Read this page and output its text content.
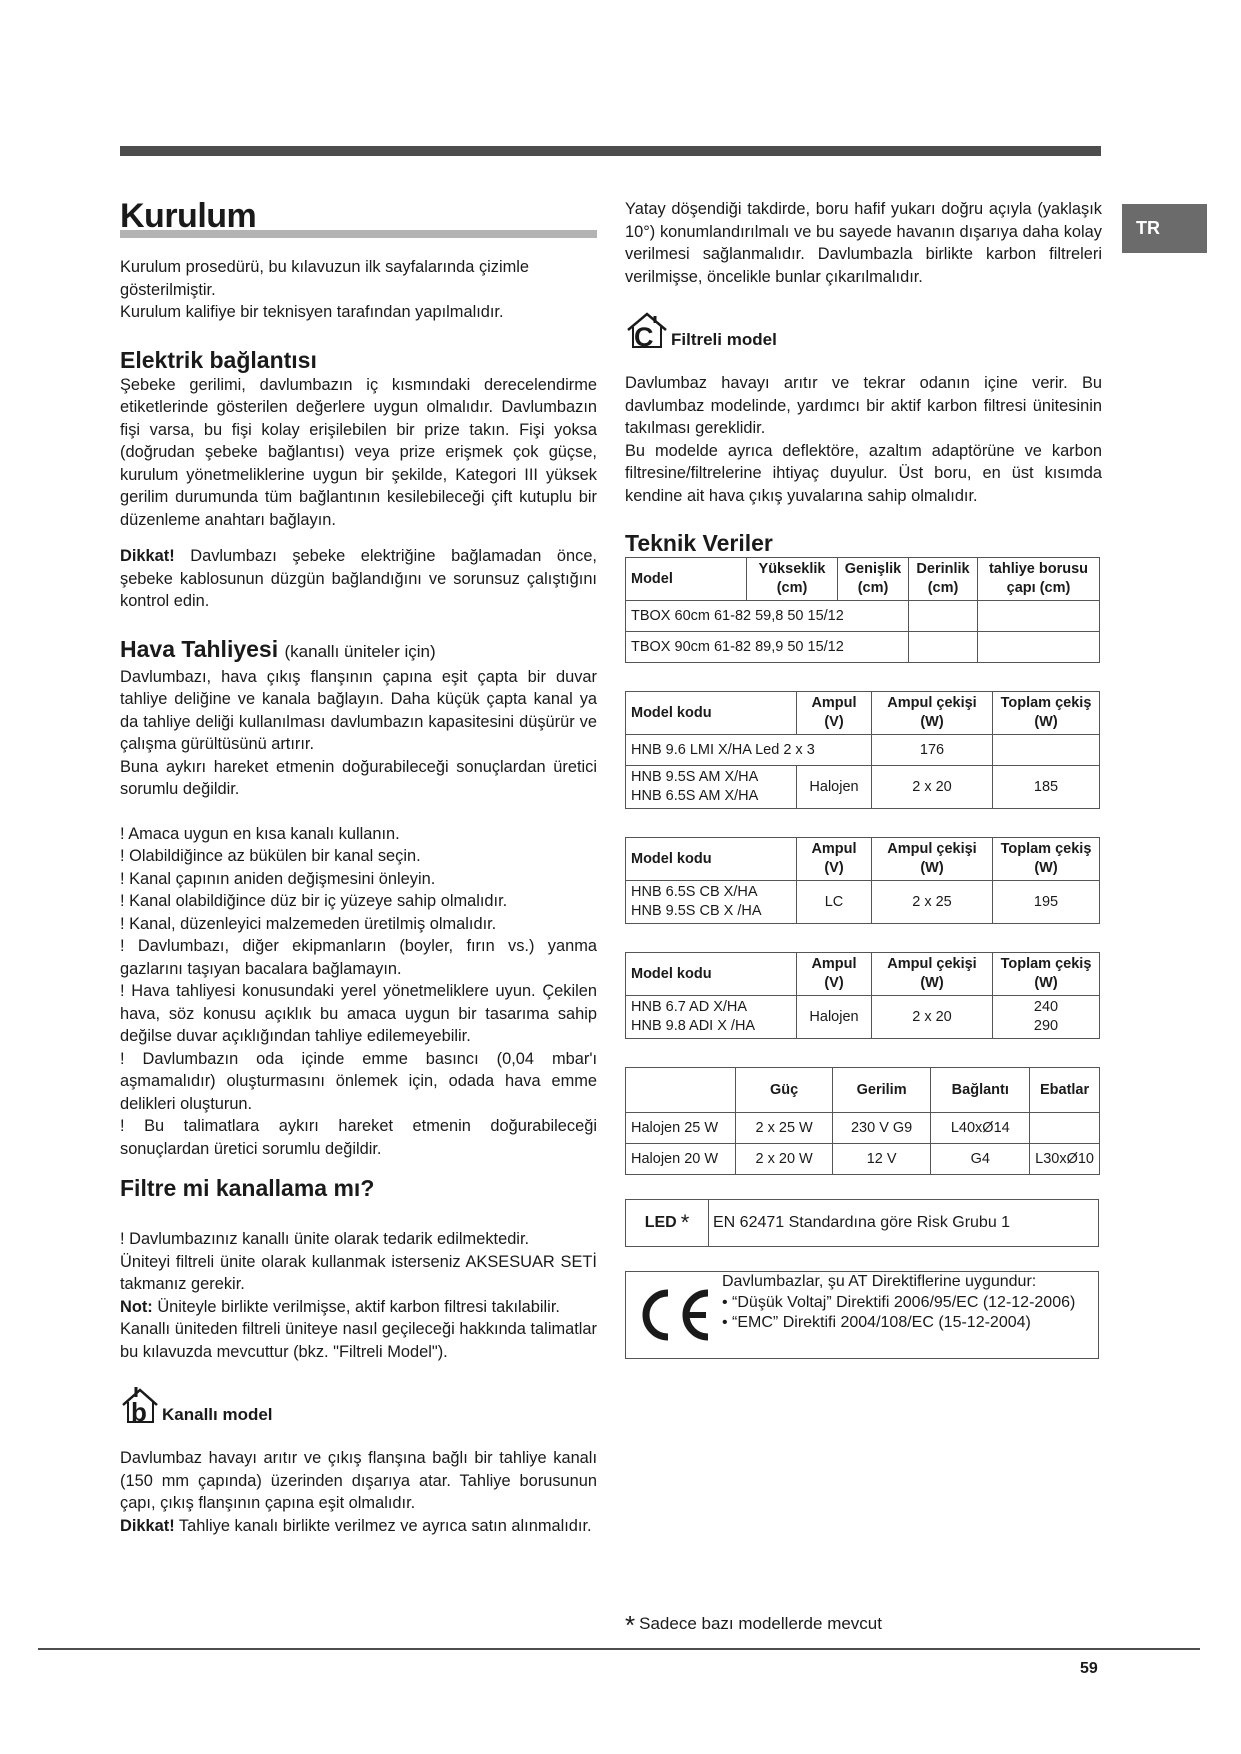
TR
Kurulum

Kurulum prosedürü, bu kılavuzun ilk sayfalarında çizimle gösterilmiştir.

Kurulum kalifiye bir teknisyen tarafından yapılmalıdır.

Elektrik bağlantısı

Şebeke gerilimi, davlumbazın iç kısmındaki derecelendirme etiketlerinde gösterilen değerlere uygun olmalıdır. Davlumbazın fişi varsa, bu fişi kolay erişilebilen bir prize takın. Fişi yoksa (doğrudan şebeke bağlantısı) veya prize erişmek çok güçse, kurulum yönetmeliklerine uygun bir şekilde, Kategori III yüksek gerilim durumunda tüm bağlantının kesilebileceği çift kutuplu bir düzenleme anahtarı bağlayın.

Dikkat! Davlumbazı şebeke elektriğine bağlamadan önce, şebeke kablosunun düzgün bağlandığını ve sorunsuz çalıştığını kontrol edin.

Hava Tahliyesi (kanallı üniteler için)

Davlumbazı, hava çıkış flanşının çapına eşit çapta bir duvar tahliye deliğine ve kanala bağlayın. Daha küçük çapta kanal ya da tahliye deliği kullanılması davlumbazın kapasitesini düşürür ve çalışma gürültüsünü artırır.

Buna aykırı hareket etmenin doğurabileceği sonuçlardan üretici sorumlu değildir.

! Amaca uygun en kısa kanalı kullanın.

! Olabildiğince az bükülen bir kanal seçin.

! Kanal çapının aniden değişmesini önleyin.

! Kanal olabildiğince düz bir iç yüzeye sahip olmalıdır.

! Kanal, düzenleyici malzemeden üretilmiş olmalıdır.

! Davlumbazı, diğer ekipmanların (boyler, fırın vs.) yanma gazlarını taşıyan bacalara bağlamayın.

! Hava tahliyesi konusundaki yerel yönetmeliklere uyun. Çekilen hava, söz konusu açıklık bu amaca uygun bir tasarıma sahip değilse duvar açıklığından tahliye edilemeyebilir.

! Davlumbazın oda içinde emme basıncı (0,04 mbar'ı aşmamalıdır) oluşturmasını önlemek için, odada hava emme delikleri oluşturun.

! Bu talimatlara aykırı hareket etmenin doğurabileceği sonuçlardan üretici sorumlu değildir.

Filtre mi kanallama mı?

! Davlumbazınız kanallı ünite olarak tedarik edilmektedir.

Üniteyi filtreli ünite olarak kullanmak isterseniz AKSESUAR SETİ takmanız gerekir.

Not: Üniteyle birlikte verilmişse, aktif karbon filtresi takılabilir.

Kanallı üniteden filtreli üniteye nasıl geçileceği hakkında talimatlar bu kılavuzda mevcuttur (bkz. "Filtreli Model").

b Kanallı model

Davlumbaz havayı arıtır ve çıkış flanşına bağlı bir tahliye kanalı (150 mm çapında) üzerinden dışarıya atar. Tahliye borusunun çapı, çıkış flanşının çapına eşit olmalıdır.

Dikkat! Tahliye kanalı birlikte verilmez ve ayrıca satın alınmalıdır.

Yatay döşendiği takdirde, boru hafif yukarı doğru açıyla (yaklaşık 10°) konumlandırılmalı ve bu sayede havanın dışarıya daha kolay verilmesi sağlanmalıdır. Davlumbazla birlikte karbon filtreleri verilmişse, öncelikle bunlar çıkarılmalıdır.

C Filtreli model

Davlumbaz havayı arıtır ve tekrar odanın içine verir. Bu davlumbaz modelinde, yardımcı bir aktif karbon filtresi ünitesinin takılması gereklidir.

Bu modelde ayrıca deflektöre, azaltım adaptörüne ve karbon filtresine/filtrelerine ihtiyaç duyulur. Üst boru, en üst kısımda kendine ait hava çıkış yuvalarına sahip olmalıdır.

Teknik Veriler
Model	Yükseklik (cm)	Genişlik (cm)	Derinlik (cm)	tahliye borusu çapı (cm)
TBOX 60cm 61-82 59,8 50 15/12				
TBOX 90cm 61-82 89,9 50 15/12				
Model kodu	Ampul (V)	Ampul çekişi (W)	Toplam çekiş (W)
HNB 9.6 LMI X/HA Led 2 x 3		176	
HNB 9.5S AM X/HA
HNB 6.5S AM X/HA	Halojen	2 x 20	185
Model kodu	Ampul (V)	Ampul çekişi (W)	Toplam çekiş (W)
HNB 6.5S CB X/HA
HNB 9.5S CB X /HA	LC	2 x 25	195
Model kodu	Ampul (V)	Ampul çekişi (W)	Toplam çekiş (W)
HNB 6.7 AD X/HA
HNB 9.8 ADI X /HA	Halojen	2 x 20	240
290
	Güç	Gerilim	Bağlantı	Ebatlar
Halojen 25 W	2 x 25 W	230 V G9	L40xØ14	
Halojen 20 W	2 x 20 W	12 V	G4	L30xØ10
LED * EN 62471 Standardına göre Risk Grubu 1
Davlumbazlar, şu AT Direktiflerine uygundur:
• “Düşük Voltaj” Direktifi 2006/95/EC (12-12-2006)
• “EMC” Direktifi 2004/108/EC (15-12-2004)
* Sadece bazı modellerde mevcut
59
